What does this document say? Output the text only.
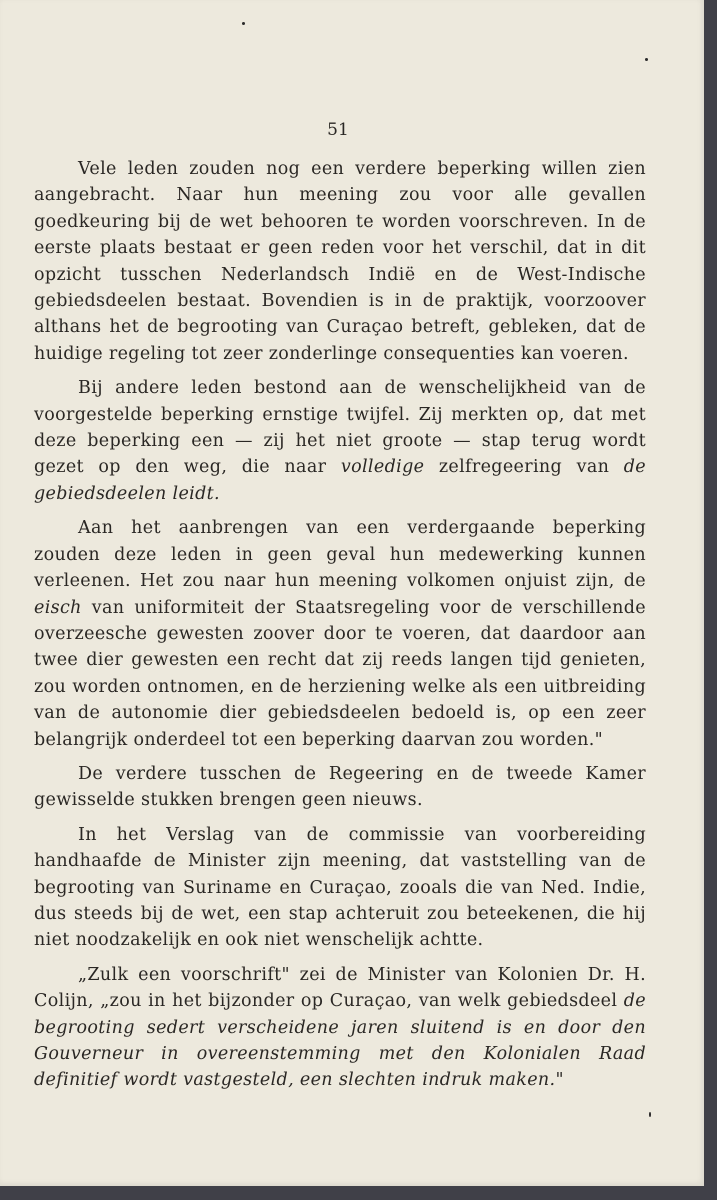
51

Vele leden zouden nog een verdere beperking willen zien aangebracht. Naar hun meening zou voor alle gevallen goedkeuring bij de wet behooren te worden voorschreven. In de eerste plaats bestaat er geen reden voor het verschil, dat in dit opzicht tusschen Nederlandsch Indië en de West-Indische gebiedsdeelen bestaat. Bovendien is in de praktijk, voorzoover althans het de begrooting van Curaçao betreft, gebleken, dat de huidige regeling tot zeer zonderlinge consequenties kan voeren.

Bij andere leden bestond aan de wenschelijkheid van de voorgestelde beperking ernstige twijfel. Zij merkten op, dat met deze beperking een — zij het niet groote — stap terug wordt gezet op den weg, die naar volledige zelfregeering van de gebiedsdeelen leidt.

Aan het aanbrengen van een verdergaande beperking zouden deze leden in geen geval hun medewerking kunnen verleenen. Het zou naar hun meening volkomen onjuist zijn, de eisch van uniformiteit der Staatsregeling voor de verschillende overzeesche gewesten zoover door te voeren, dat daardoor aan twee dier gewesten een recht dat zij reeds langen tijd genieten, zou worden ontnomen, en de herziening welke als een uitbreiding van de autonomie dier gebiedsdeelen bedoeld is, op een zeer belangrijk onderdeel tot een beperking daarvan zou worden."

De verdere tusschen de Regeering en de tweede Kamer gewisselde stukken brengen geen nieuws.

In het Verslag van de commissie van voorbereiding handhaafde de Minister zijn meening, dat vaststelling van de begrooting van Suriname en Curaçao, zooals die van Ned. Indie, dus steeds bij de wet, een stap achteruit zou beteekenen, die hij niet noodzakelijk en ook niet wenschelijk achtte.

„Zulk een voorschrift" zei de Minister van Kolonien Dr. H. Colijn, „zou in het bijzonder op Curaçao, van welk gebiedsdeel de begrooting sedert verscheidene jaren sluitend is en door den Gouverneur in overeenstemming met den Kolonialen Raad definitief wordt vastgesteld, een slechten indruk maken."
